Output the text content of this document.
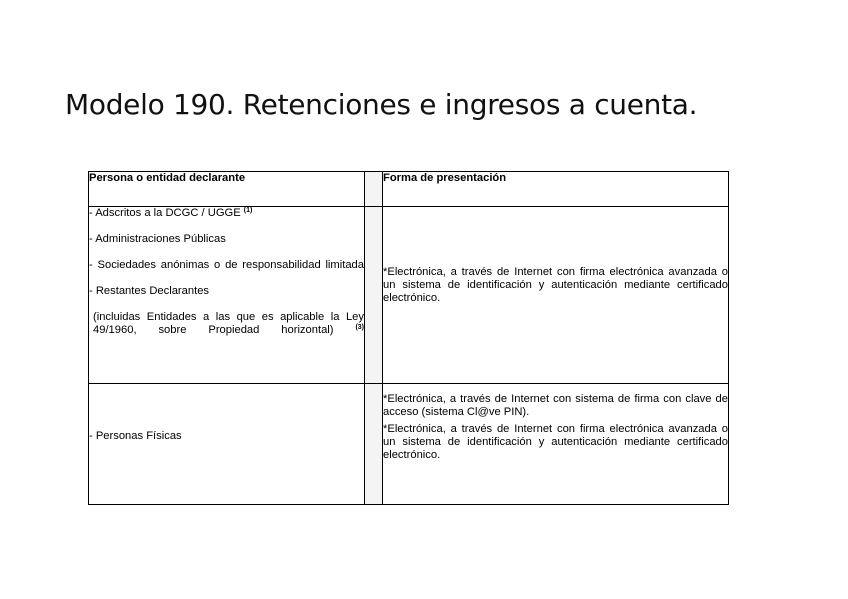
Modelo 190. Retenciones e ingresos a cuenta.
Persona o entidad declarante		Forma de presentación

- Adscritos a la DCGC / UGGE $^{(1)}$
- Administraciones Públicas
- Sociedades anónimas o de responsabilidad limitada
- Restantes Declarantes
(incluidas Entidades a las que es aplicable la Ley 49/1960, sobre Propiedad horizontal) $^{(3)}$		*Electrónica, a través de Internet con firma electrónica avanzada o un sistema de identificación y autenticación mediante certificado electrónico.

- Personas Físicas		*Electrónica, a través de Internet con sistema de firma con clave de acceso (sistema Cl@ve PIN).
*Electrónica, a través de Internet con firma electrónica avanzada o un sistema de identificación y autenticación mediante certificado electrónico.
